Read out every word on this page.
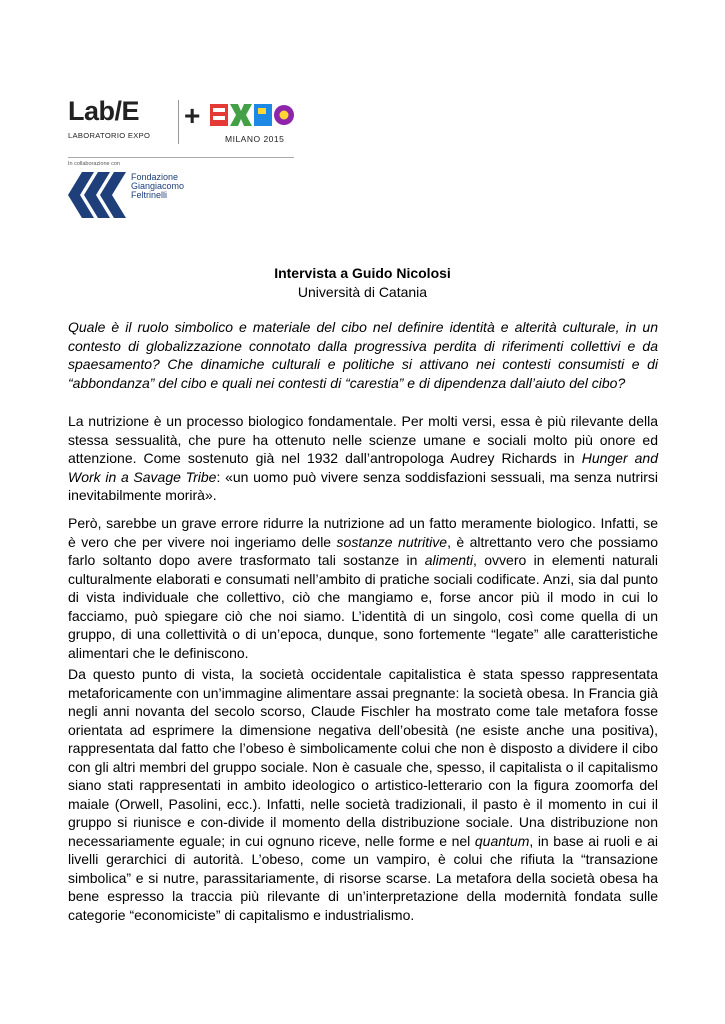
Lab/E
LABORATORIO EXPO
+
MILANO 2015
In collaborazione con
Fondazione
Giangiacomo
Feltrinelli
Intervista a Guido Nicolosi
Università di Catania
Quale è il ruolo simbolico e materiale del cibo nel definire identità e alterità culturale, in un contesto di globalizzazione connotato dalla progressiva perdita di riferimenti collettivi e da spaesamento? Che dinamiche culturali e politiche si attivano nei contesti consumisti e di “abbondanza” del cibo e quali nei contesti di “carestia” e di dipendenza dall’aiuto del cibo?
La nutrizione è un processo biologico fondamentale. Per molti versi, essa è più rilevante della stessa sessualità, che pure ha ottenuto nelle scienze umane e sociali molto più onore ed attenzione. Come sostenuto già nel 1932 dall’antropologa Audrey Richards in Hunger and Work in a Savage Tribe: «un uomo può vivere senza soddisfazioni sessuali, ma senza nutrirsi inevitabilmente morirà».
Però, sarebbe un grave errore ridurre la nutrizione ad un fatto meramente biologico. Infatti, se è vero che per vivere noi ingeriamo delle sostanze nutritive, è altrettanto vero che possiamo farlo soltanto dopo avere trasformato tali sostanze in alimenti, ovvero in elementi naturali culturalmente elaborati e consumati nell’ambito di pratiche sociali codificate. Anzi, sia dal punto di vista individuale che collettivo, ciò che mangiamo e, forse ancor più il modo in cui lo facciamo, può spiegare ciò che noi siamo. L’identità di un singolo, così come quella di un gruppo, di una collettività o di un’epoca, dunque, sono fortemente “legate” alle caratteristiche alimentari che le definiscono.
Da questo punto di vista, la società occidentale capitalistica è stata spesso rappresentata metaforicamente con un’immagine alimentare assai pregnante: la società obesa. In Francia già negli anni novanta del secolo scorso, Claude Fischler ha mostrato come tale metafora fosse orientata ad esprimere la dimensione negativa dell’obesità (ne esiste anche una positiva), rappresentata dal fatto che l’obeso è simbolicamente colui che non è disposto a dividere il cibo con gli altri membri del gruppo sociale. Non è casuale che, spesso, il capitalista o il capitalismo siano stati rappresentati in ambito ideologico o artistico-letterario con la figura zoomorfa del maiale (Orwell, Pasolini, ecc.). Infatti, nelle società tradizionali, il pasto è il momento in cui il gruppo si riunisce e con-divide il momento della distribuzione sociale. Una distribuzione non necessariamente eguale; in cui ognuno riceve, nelle forme e nel quantum, in base ai ruoli e ai livelli gerarchici di autorità. L’obeso, come un vampiro, è colui che rifiuta la “transazione simbolica” e si nutre, parassitariamente, di risorse scarse. La metafora della società obesa ha bene espresso la traccia più rilevante di un’interpretazione della modernità fondata sulle categorie “economiciste” di capitalismo e industrialismo.
